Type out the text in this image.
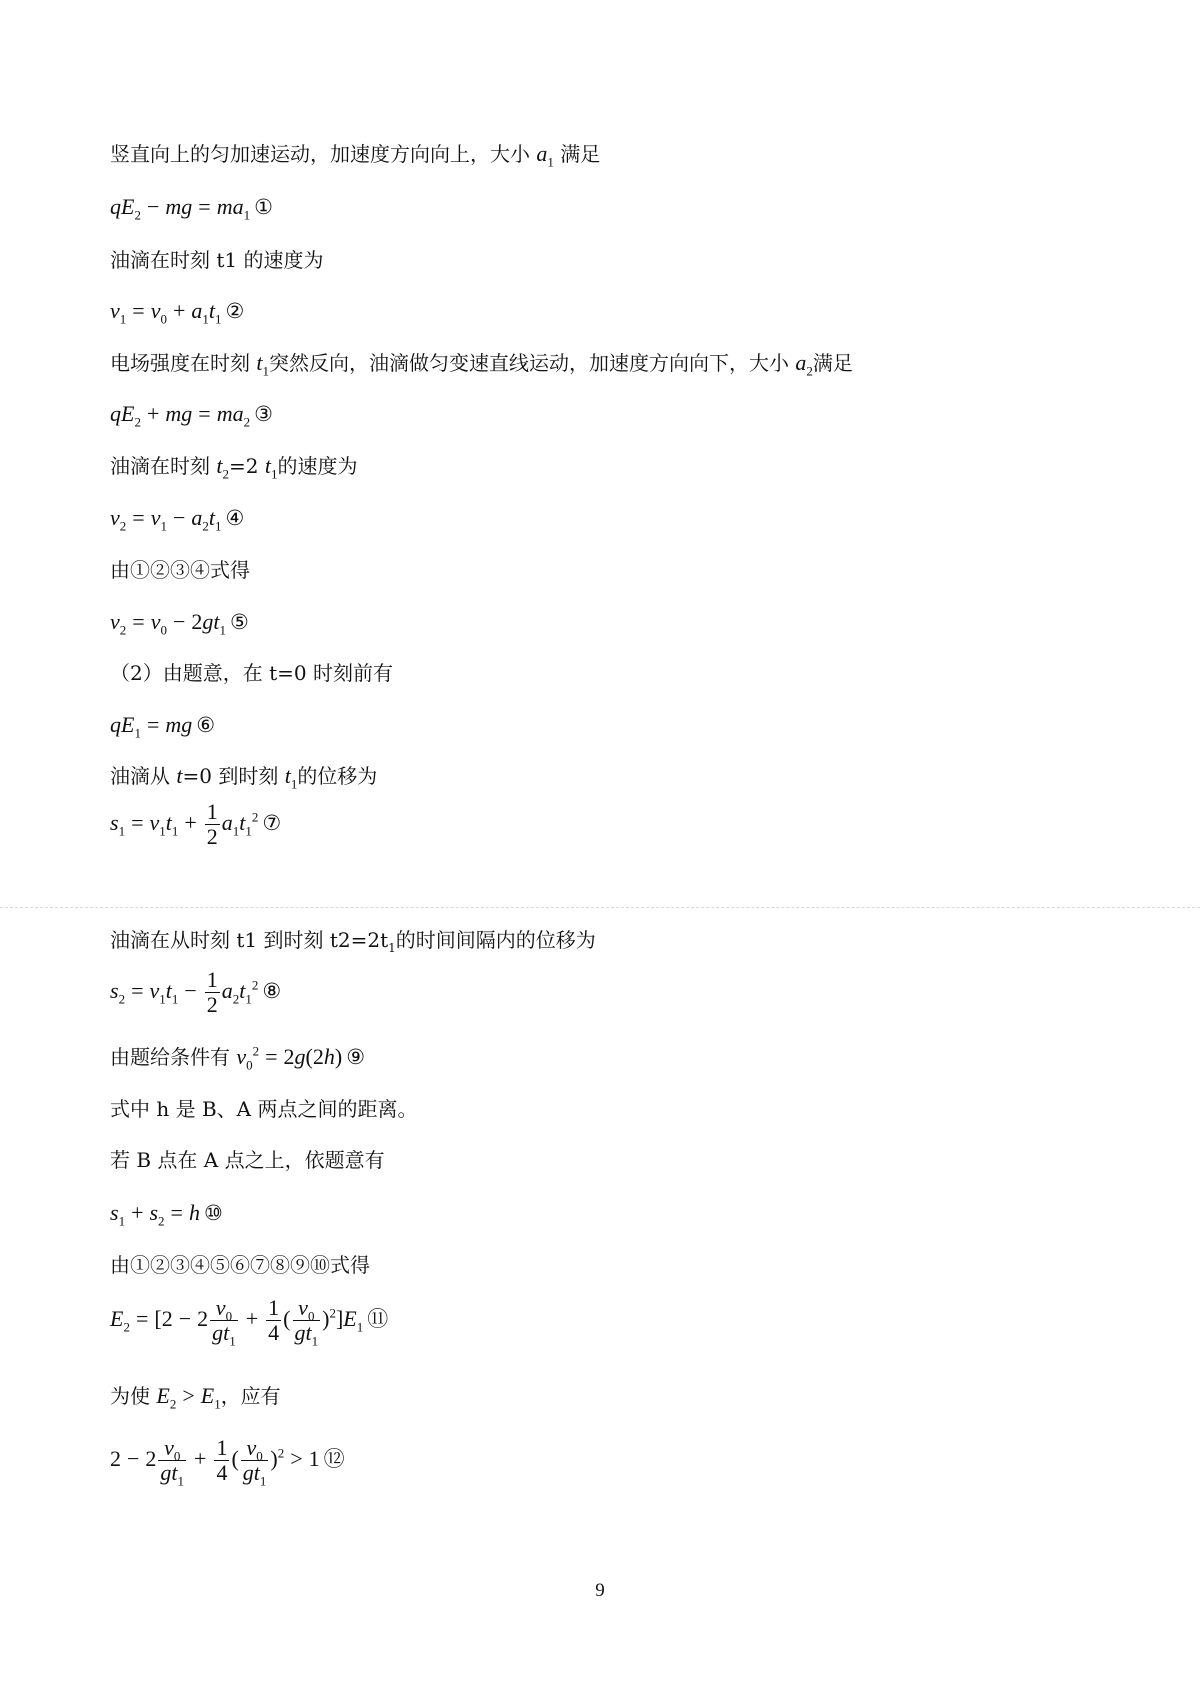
竖直向上的匀加速运动，加速度方向向上，大小 $a_1$ 满足
$qE_2$ − mg = $ma_1$ ①
油滴在时刻 t1 的速度为
$v_1 = v_0 + a_1t_1$ ②
电场强度在时刻 $t_1$突然反向，油滴做匀变速直线运动，加速度方向向下，大小 $a_2$满足
$qE_2$ + mg = $ma_2$ ③
油滴在时刻 $t_2=2$ $t_1$的速度为
$v_2 = v_1 - a_2t_1$ ④
由①②③④式得
$v_2 = v_0 - 2gt_1$ ⑤
（2）由题意，在 t=0 时刻前有
$qE_1$ = mg ⑥
油滴从 t=0 到时刻 $t_1$的位移为
$s_1 = v_1t_1 + \frac{1}{2} a_1t_1^2$ ⑦
油滴在从时刻 t1 到时刻 $t2=2t_1$的时间间隔内的位移为
$s_2 = v_1t_1 - \frac{1}{2} a_2t_1^2$ ⑧
由题给条件有 $v_0^2 = 2g(2h)$ ⑨
式中 h 是 B、A 两点之间的距离。
若 B 点在 A 点之上，依题意有
$s_1 + s_2 = h$ ⑩
由①②③④⑤⑥⑦⑧⑨⑩式得
$E_2 = [2 - 2 \frac{v_0}{gt_1} + \frac{1}{4}$ ( $\frac{v_0}{gt_1} )^2]E_1$ ⑪
为使 $E_2 > E_1$，应有
$2 - 2 \frac{v_0}{gt_1} + \frac{1}{4}$ ( $\frac{v_0}{gt_1} )^2 > 1$ ⑫
9
